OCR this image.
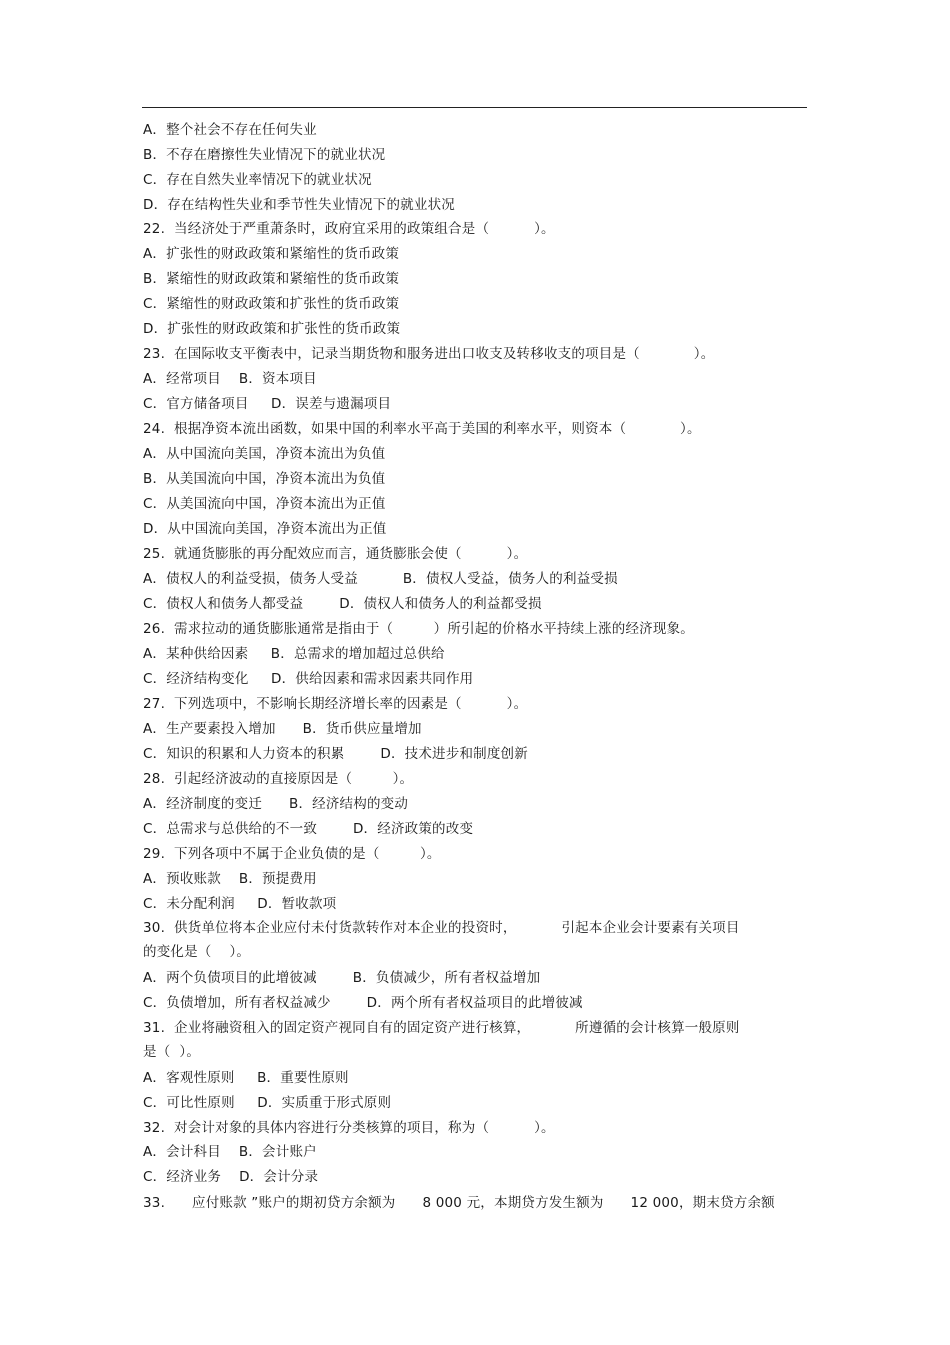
A．整个社会不存在任何失业
B．不存在磨擦性失业情况下的就业状况
C．存在自然失业率情况下的就业状况
D．存在结构性失业和季节性失业情况下的就业状况
22.  当经济处于严重萧条时，政府宜采用的政策组合是（          ）。
A．扩张性的财政政策和紧缩性的货币政策
B．紧缩性的财政政策和紧缩性的货币政策
C．紧缩性的财政政策和扩张性的货币政策
D．扩张性的财政政策和扩张性的货币政策
23.  在国际收支平衡表中，记录当期货物和服务进出口收支及转移收支的项目是（            ）。
A．经常项目    B．资本项目
C．官方储备项目     D．误差与遗漏项目
24.  根据净资本流出函数，如果中国的利率水平高于美国的利率水平，则资本（            ）。
A．从中国流向美国，净资本流出为负值
B．从美国流向中国，净资本流出为负值
C．从美国流向中国，净资本流出为正值
D．从中国流向美国，净资本流出为正值
25.  就通货膨胀的再分配效应而言，通货膨胀会使（          ）。
A．债权人的利益受损，债务人受益          B．债权人受益，债务人的利益受损
C．债权人和债务人都受益        D．债权人和债务人的利益都受损
26.  需求拉动的通货膨胀通常是指由于（         ）所引起的价格水平持续上涨的经济现象。
A．某种供给因素     B．总需求的增加超过总供给
C．经济结构变化     D．供给因素和需求因素共同作用
27.  下列选项中，不影响长期经济增长率的因素是（          ）。
A．生产要素投入增加      B．货币供应量增加
C．知识的积累和人力资本的积累        D．技术进步和制度创新
28.  引起经济波动的直接原因是（         ）。
A．经济制度的变迁      B．经济结构的变动
C．总需求与总供给的不一致        D．经济政策的改变
29.  下列各项中不属于企业负债的是（         ）。
A．预收账款    B．预提费用
C．未分配利润     D．暂收款项
30.  供货单位将本企业应付未付货款转作对本企业的投资时，          引起本企业会计要素有关项目
的变化是（    ）。
A．两个负债项目的此增彼减        B．负债减少，所有者权益增加
C．负债增加，所有者权益减少        D．两个所有者权益项目的此增彼减
31.  企业将融资租入的固定资产视同自有的固定资产进行核算，          所遵循的会计核算一般原则
是（  ）。
A．客观性原则     B．重要性原则
C．可比性原则     D．实质重于形式原则
32.  对会计对象的具体内容进行分类核算的项目，称为（          ）。
A．会计科目    B．会计账户
C．经济业务    D．会计分录
33.      应付账款 ”账户的期初贷方余额为      8 000 元，本期贷方发生额为      12 000，期末贷方余额
